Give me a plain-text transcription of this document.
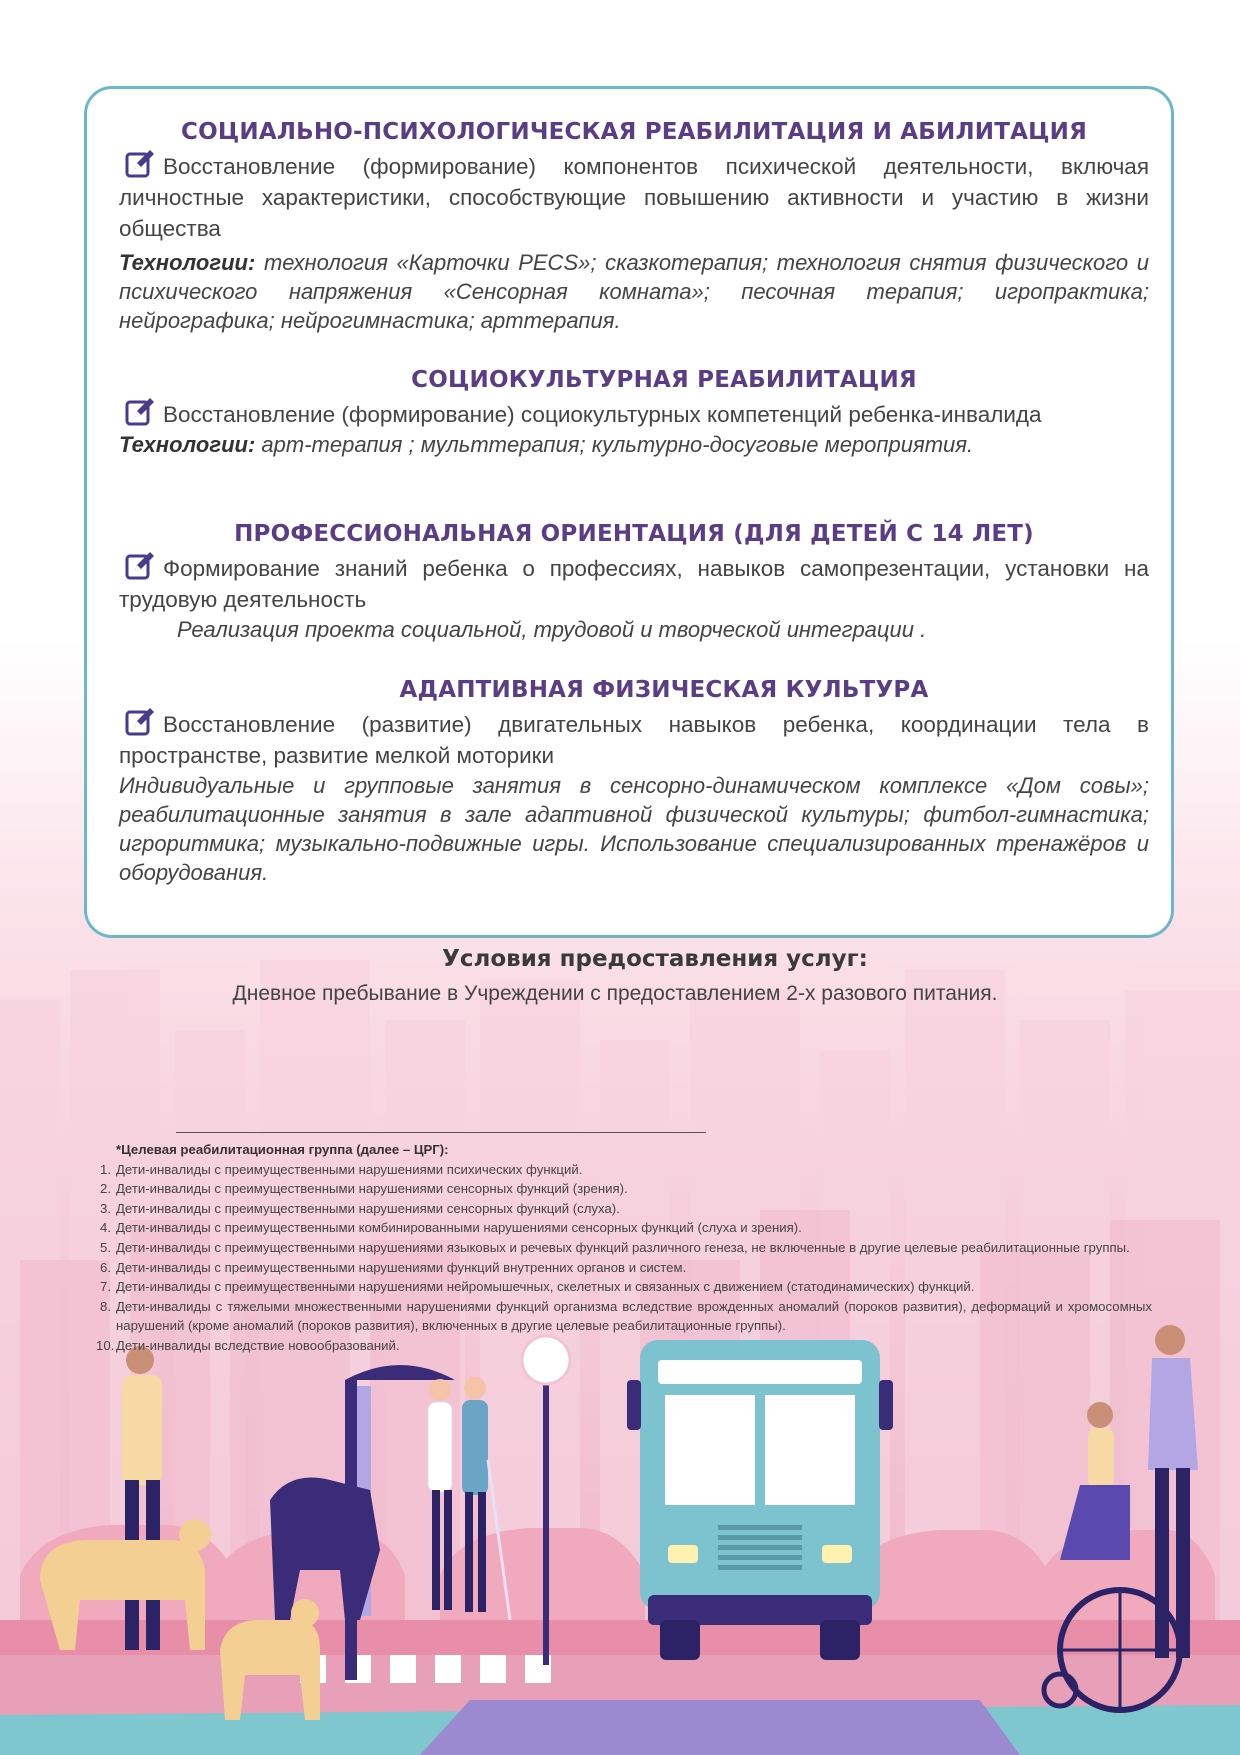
СОЦИАЛЬНО-ПСИХОЛОГИЧЕСКАЯ РЕАБИЛИТАЦИЯ И АБИЛИТАЦИЯ
Восстановление (формирование) компонентов психической деятельности, включая личностные характеристики, способствующие повышению активности и участию в жизни общества
Технологии: технология «Карточки PECS»; сказкотерапия; технология снятия физического и психического напряжения «Сенсорная комната»; песочная терапия; игропрактика; нейрографика; нейрогимнастика; арттерапия.
СОЦИОКУЛЬТУРНАЯ РЕАБИЛИТАЦИЯ
Восстановление (формирование) социокультурных компетенций ребенка-инвалида
Технологии: арт-терапия ; мульттерапия; культурно-досуговые мероприятия.
ПРОФЕССИОНАЛЬНАЯ ОРИЕНТАЦИЯ (ДЛЯ ДЕТЕЙ С 14 ЛЕТ)
Формирование знаний ребенка о профессиях, навыков самопрезентации, установки на трудовую деятельность
Реализация проекта социальной, трудовой и творческой интеграции .
АДАПТИВНАЯ ФИЗИЧЕСКАЯ КУЛЬТУРА
Восстановление (развитие) двигательных навыков ребенка, координации тела в пространстве, развитие мелкой моторики
Индивидуальные и групповые занятия в сенсорно-динамическом комплексе «Дом совы»; реабилитационные занятия в зале адаптивной физической культуры; фитбол-гимнастика; игроритмика; музыкально-подвижные игры. Использование специализированных тренажёров и оборудования.
Условия предоставления услуг:
Дневное пребывание в Учреждении с предоставлением 2-х разового питания.
*Целевая реабилитационная группа (далее – ЦРГ):
1. Дети-инвалиды с преимущественными нарушениями психических функций.
2. Дети-инвалиды с преимущественными нарушениями сенсорных функций (зрения).
3. Дети-инвалиды с преимущественными нарушениями сенсорных функций (слуха).
4. Дети-инвалиды с преимущественными комбинированными нарушениями сенсорных функций (слуха и зрения).
5. Дети-инвалиды с преимущественными нарушениями языковых и речевых функций различного генеза, не включенные в другие целевые реабилитационные группы.
6. Дети-инвалиды с преимущественными нарушениями функций внутренних органов и систем.
7. Дети-инвалиды с преимущественными нарушениями нейромышечных, скелетных и связанных с движением (статодинамических) функций.
8. Дети-инвалиды с тяжелыми множественными нарушениями функций организма вследствие врожденных аномалий (пороков развития), деформаций и хромосомных нарушений (кроме аномалий (пороков развития), включенных в другие целевые реабилитационные группы).
10. Дети-инвалиды вследствие новообразований.
